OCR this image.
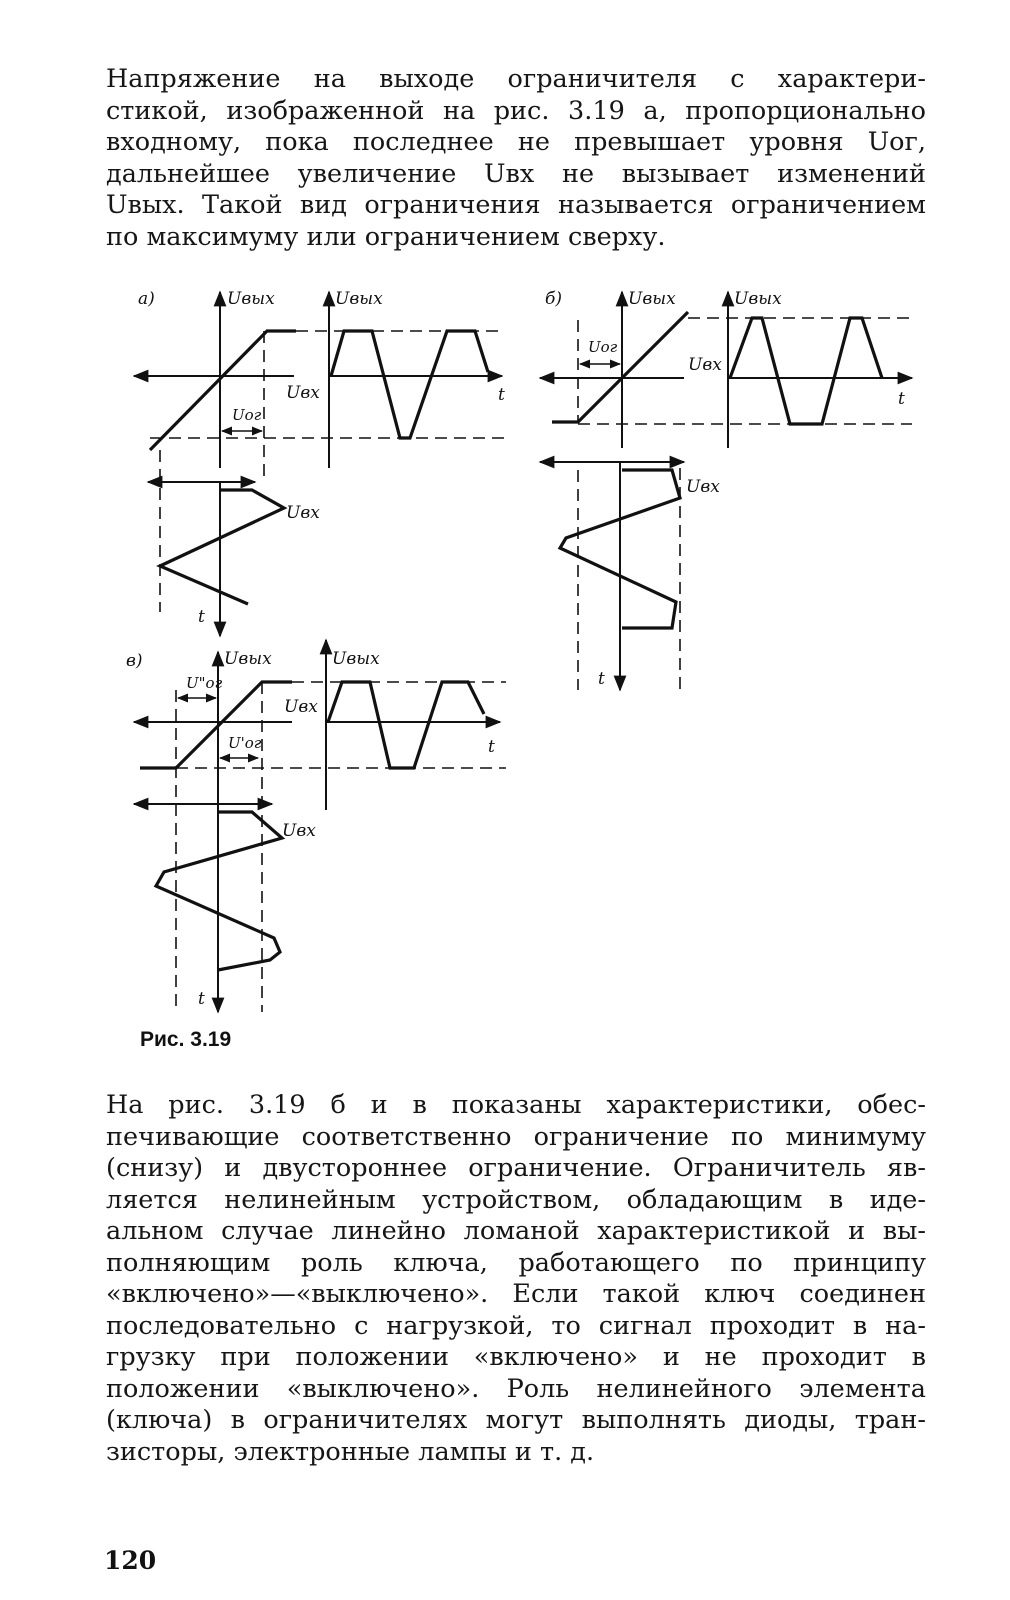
Напряжение на выходе ограничителя с характери-
стикой, изображенной на рис. 3.19 а, пропорционально
входному, пока последнее не превышает уровня Uог,
дальнейшее увеличение Uвх не вызывает изменений
Uвых. Такой вид ограничения называется ограничением
по максимуму или ограничением сверху.
а)	Uвых
Uвх
Uог
Uвых
t
Uвх
t
б)	Uвых
Uвх
Uог
Uвых
t
Uвх
t
в)	Uвых
Uвх
U"ог
U'ог
Uвых
t
Uвх
t
Рис. 3.19
На рис. 3.19 б и в показаны характеристики, обес-
печивающие соответственно ограничение по минимуму
(снизу) и двустороннее ограничение. Ограничитель яв-
ляется нелинейным устройством, обладающим в иде-
альном случае линейно ломаной характеристикой и вы-
полняющим роль ключа, работающего по принципу
«включено»—«выключено». Если такой ключ соединен
последовательно с нагрузкой, то сигнал проходит в на-
грузку при положении «включено» и не проходит в
положении «выключено». Роль нелинейного элемента
(ключа) в ограничителях могут выполнять диоды, тран-
зисторы, электронные лампы и т. д.
120
